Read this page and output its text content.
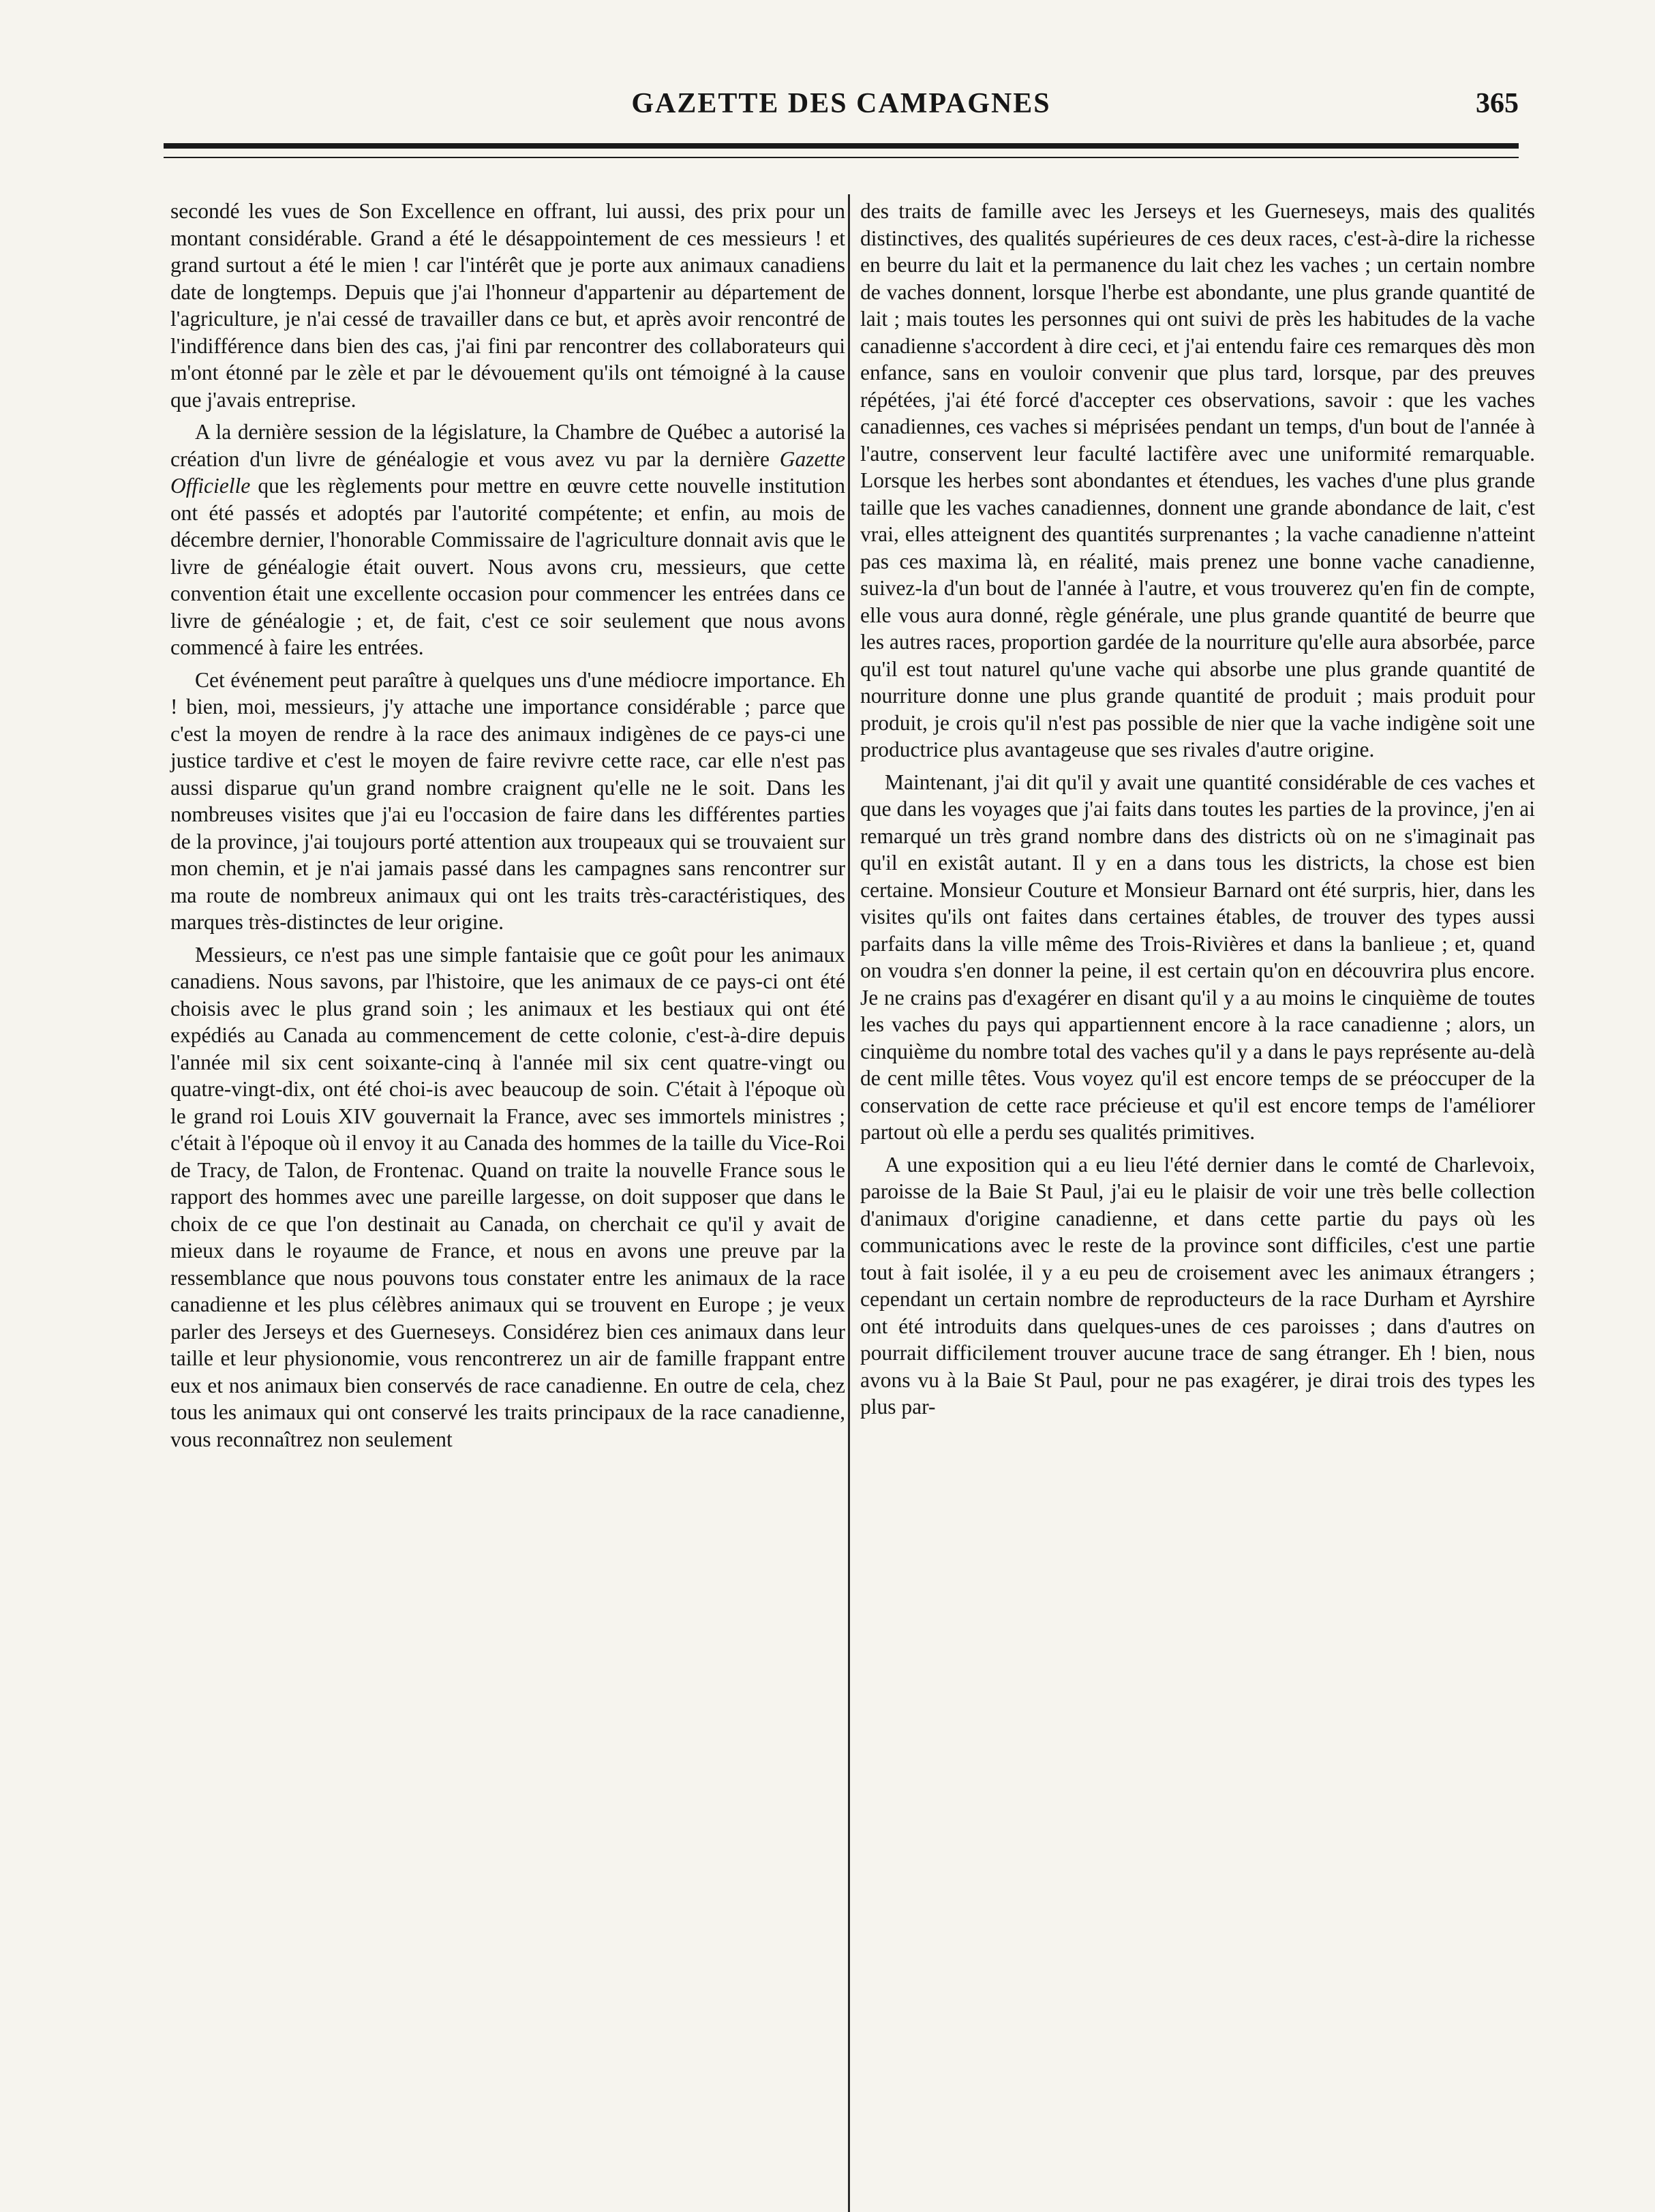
GAZETTE DES CAMPAGNES	365

secondé les vues de Son Excellence en offrant, lui aussi, des prix pour un montant considérable. Grand a été le désappointement de ces messieurs ! et grand surtout a été le mien ! car l'intérêt que je porte aux animaux canadiens date de longtemps. Depuis que j'ai l'honneur d'appartenir au département de l'agriculture, je n'ai cessé de travailler dans ce but, et après avoir rencontré de l'indifférence dans bien des cas, j'ai fini par rencontrer des collaborateurs qui m'ont étonné par le zèle et par le dévouement qu'ils ont témoigné à la cause que j'avais entreprise.

A la dernière session de la législature, la Chambre de Québec a autorisé la création d'un livre de généalogie et vous avez vu par la dernière Gazette Officielle que les règlements pour mettre en œuvre cette nouvelle institution ont été passés et adoptés par l'autorité compétente; et enfin, au mois de décembre dernier, l'honorable Commissaire de l'agriculture donnait avis que le livre de généalogie était ouvert. Nous avons cru, messieurs, que cette convention était une excellente occasion pour commencer les entrées dans ce livre de généalogie ; et, de fait, c'est ce soir seulement que nous avons commencé à faire les entrées.

Cet événement peut paraître à quelques uns d'une médiocre importance. Eh ! bien, moi, messieurs, j'y attache une importance considérable ; parce que c'est la moyen de rendre à la race des animaux indigènes de ce pays-ci une justice tardive et c'est le moyen de faire revivre cette race, car elle n'est pas aussi disparue qu'un grand nombre craignent qu'elle ne le soit. Dans les nombreuses visites que j'ai eu l'occasion de faire dans les différentes parties de la province, j'ai toujours porté attention aux troupeaux qui se trouvaient sur mon chemin, et je n'ai jamais passé dans les campagnes sans rencontrer sur ma route de nombreux animaux qui ont les traits très-caractéristiques, des marques très-distinctes de leur origine.

Messieurs, ce n'est pas une simple fantaisie que ce goût pour les animaux canadiens. Nous savons, par l'histoire, que les animaux de ce pays-ci ont été choisis avec le plus grand soin ; les animaux et les bestiaux qui ont été expédiés au Canada au commencement de cette colonie, c'est-à-dire depuis l'année mil six cent soixante-cinq à l'année mil six cent quatre-vingt ou quatre-vingt-dix, ont été choi-is avec beaucoup de soin. C'était à l'époque où le grand roi Louis XIV gouvernait la France, avec ses immortels ministres ; c'était à l'époque où il envoy it au Canada des hommes de la taille du Vice-Roi de Tracy, de Talon, de Frontenac. Quand on traite la nouvelle France sous le rapport des hommes avec une pareille largesse, on doit supposer que dans le choix de ce que l'on destinait au Canada, on cherchait ce qu'il y avait de mieux dans le royaume de France, et nous en avons une preuve par la ressemblance que nous pouvons tous constater entre les animaux de la race canadienne et les plus célèbres animaux qui se trouvent en Europe ; je veux parler des Jerseys et des Guerneseys. Considérez bien ces animaux dans leur taille et leur physionomie, vous rencontrerez un air de famille frappant entre eux et nos animaux bien conservés de race canadienne. En outre de cela, chez tous les animaux qui ont conservé les traits principaux de la race canadienne, vous reconnaîtrez non seulement

des traits de famille avec les Jerseys et les Guerneseys, mais des qualités distinctives, des qualités supérieures de ces deux races, c'est-à-dire la richesse en beurre du lait et la permanence du lait chez les vaches ; un certain nombre de vaches donnent, lorsque l'herbe est abondante, une plus grande quantité de lait ; mais toutes les personnes qui ont suivi de près les habitudes de la vache canadienne s'accordent à dire ceci, et j'ai entendu faire ces remarques dès mon enfance, sans en vouloir convenir que plus tard, lorsque, par des preuves répétées, j'ai été forcé d'accepter ces observations, savoir : que les vaches canadiennes, ces vaches si méprisées pendant un temps, d'un bout de l'année à l'autre, conservent leur faculté lactifère avec une uniformité remarquable. Lorsque les herbes sont abondantes et étendues, les vaches d'une plus grande taille que les vaches canadiennes, donnent une grande abondance de lait, c'est vrai, elles atteignent des quantités surprenantes ; la vache canadienne n'atteint pas ces maxima là, en réalité, mais prenez une bonne vache canadienne, suivez-la d'un bout de l'année à l'autre, et vous trouverez qu'en fin de compte, elle vous aura donné, règle générale, une plus grande quantité de beurre que les autres races, proportion gardée de la nourriture qu'elle aura absorbée, parce qu'il est tout naturel qu'une vache qui absorbe une plus grande quantité de nourriture donne une plus grande quantité de produit ; mais produit pour produit, je crois qu'il n'est pas possible de nier que la vache indigène soit une productrice plus avantageuse que ses rivales d'autre origine.

Maintenant, j'ai dit qu'il y avait une quantité considérable de ces vaches et que dans les voyages que j'ai faits dans toutes les parties de la province, j'en ai remarqué un très grand nombre dans des districts où on ne s'imaginait pas qu'il en existât autant. Il y en a dans tous les districts, la chose est bien certaine. Monsieur Couture et Monsieur Barnard ont été surpris, hier, dans les visites qu'ils ont faites dans certaines étables, de trouver des types aussi parfaits dans la ville même des Trois-Rivières et dans la banlieue ; et, quand on voudra s'en donner la peine, il est certain qu'on en découvrira plus encore. Je ne crains pas d'exagérer en disant qu'il y a au moins le cinquième de toutes les vaches du pays qui appartiennent encore à la race canadienne ; alors, un cinquième du nombre total des vaches qu'il y a dans le pays représente au-delà de cent mille têtes. Vous voyez qu'il est encore temps de se préoccuper de la conservation de cette race précieuse et qu'il est encore temps de l'améliorer partout où elle a perdu ses qualités primitives.

A une exposition qui a eu lieu l'été dernier dans le comté de Charlevoix, paroisse de la Baie St Paul, j'ai eu le plaisir de voir une très belle collection d'animaux d'origine canadienne, et dans cette partie du pays où les communications avec le reste de la province sont difficiles, c'est une partie tout à fait isolée, il y a eu peu de croisement avec les animaux étrangers ; cependant un certain nombre de reproducteurs de la race Durham et Ayrshire ont été introduits dans quelques-unes de ces paroisses ; dans d'autres on pourrait difficilement trouver aucune trace de sang étranger. Eh ! bien, nous avons vu à la Baie St Paul, pour ne pas exagérer, je dirai trois des types les plus par-
